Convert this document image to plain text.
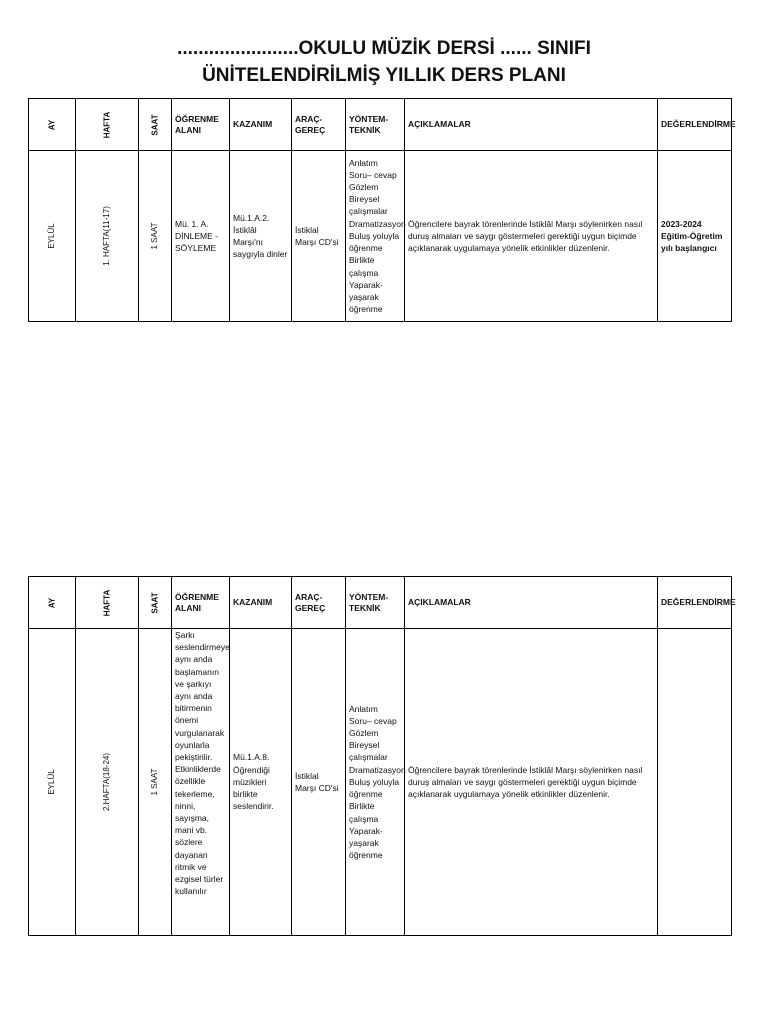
.......................OKULU MÜZİK DERSİ ...... SINIFI
ÜNİTELENDİRİLMİŞ YILLIK DERS PLANI
AY	HAFTA	SAAT	ÖĞRENME ALANI	KAZANIM	ARAÇ-GEREÇ	YÖNTEM-TEKNİK	AÇIKLAMALAR	DEĞERLENDİRME

EYLÜL	1. HAFTA(11-17)	1 SAAT	Mü. 1. A. DİNLEME - SÖYLEME	Mü.1.A.2. İstiklâl Marşı'nı saygıyla dinler	İstiklal Marşı CD'si	Anlatım Soru– cevap Gözlem Bireysel çalışmalar Dramatizasyon Buluş yoluyla öğrenme Birlikte çalışma Yaparak-yaşarak öğrenme	Öğrencilere bayrak törenlerinde İstiklâl Marşı söylenirken nasıl duruş almaları ve saygı göstermeleri gerektiği uygun biçimde açıklanarak uygulamaya yönelik etkinlikler düzenlenir.	2023-2024 Eğitim-Öğretim yılı başlangıcı
AY	HAFTA	SAAT	ÖĞRENME ALANI	KAZANIM	ARAÇ-GEREÇ	YÖNTEM-TEKNİK	AÇIKLAMALAR	DEĞERLENDİRME

EYLÜL	2.HAFTA(18-24)	1 SAAT	Şarkı seslendirmeye aynı anda başlamanın ve şarkıyı aynı anda bitirmenin önemi vurgulanarak oyunlarla pekiştirilir. Etkinliklerde özellikle tekerleme, ninni, sayışma, mani vb. sözlere dayanan ritmik ve ezgisel türler kullanılır	Mü.1.A.8. Öğrendiği müzikleri birlikte seslendirir.	İstiklal Marşı CD'si	Anlatım Soru– cevap Gözlem Bireysel çalışmalar Dramatizasyon Buluş yoluyla öğrenme Birlikte çalışma Yaparak-yaşarak öğrenme	Öğrencilere bayrak törenlerinde İstiklâl Marşı söylenirken nasıl duruş almaları ve saygı göstermeleri gerektiği uygun biçimde açıklanarak uygulamaya yönelik etkinlikler düzenlenir.	
